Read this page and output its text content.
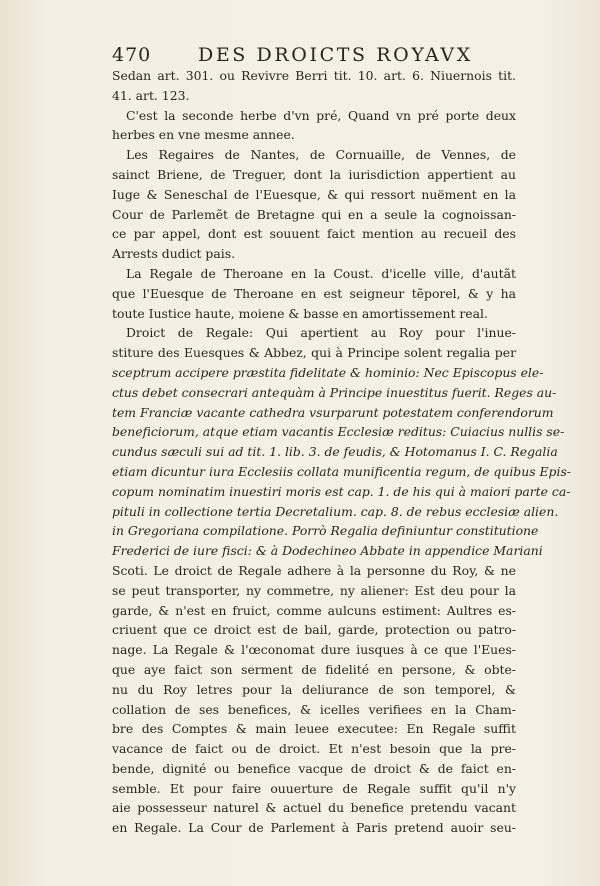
470 DES DROICTS ROYAVX
Sedan art. 301. ou Revivre Berri tit. 10. art. 6. Niuernois tit.
41. art. 123.
C'est la seconde herbe d'vn pré, Quand vn pré porte deux
herbes en vne mesme annee.
Les Regaires de Nantes, de Cornuaille, de Vennes, de
sainct Briene, de Treguer, dont la iurisdiction appertient au
Iuge & Seneschal de l'Euesque, & qui ressort nuëment en la
Cour de Parlemẽt de Bretagne qui en a seule la cognoissan-
ce par appel, dont est souuent faict mention au recueil des
Arrests dudict pais.
La Regale de Theroane en la Coust. d'icelle ville, d'autãt
que l'Euesque de Theroane en est seigneur tẽporel, & y ha
toute Iustice haute, moiene & basse en amortissement real.
Droict de Regale: Qui apertient au Roy pour l'inue-
stiture des Euesques & Abbez, qui à Principe solent regalia per
sceptrum accipere præstita fidelitate & hominio: Nec Episcopus ele-
ctus debet consecrari antequàm à Principe inuestitus fuerit. Reges au-
tem Franciæ vacante cathedra vsurparunt potestatem conferendorum
beneficiorum, atque etiam vacantis Ecclesiæ reditus: Cuiacius nullis se-
cundus sæculi sui ad tit. 1. lib. 3. de feudis, & Hotomanus I. C. Regalia
etiam dicuntur iura Ecclesiis collata munificentia regum, de quibus Epis-
copum nominatim inuestiri moris est cap. 1. de his qui à maiori parte ca-
pituli in collectione tertia Decretalium. cap. 8. de rebus ecclesiæ alien.
in Gregoriana compilatione. Porrò Regalia definiuntur constitutione
Frederici de iure fisci: & à Dodechineo Abbate in appendice Mariani
Scoti. Le droict de Regale adhere à la personne du Roy, & ne
se peut transporter, ny commetre, ny aliener: Est deu pour la
garde, & n'est en fruict, comme aulcuns estiment: Aultres es-
criuent que ce droict est de bail, garde, protection ou patro-
nage. La Regale & l'œconomat dure iusques à ce que l'Eues-
que aye faict son serment de fidelité en persone, & obte-
nu du Roy letres pour la deliurance de son temporel, &
collation de ses benefices, & icelles verifiees en la Cham-
bre des Comptes & main leuee executee: En Regale suffit
vacance de faict ou de droict. Et n'est besoin que la pre-
bende, dignité ou benefice vacque de droict & de faict en-
semble. Et pour faire ouuerture de Regale suffit qu'il n'y
aie possesseur naturel & actuel du benefice pretendu vacant
en Regale. La Cour de Parlement à Paris pretend auoir seu-
